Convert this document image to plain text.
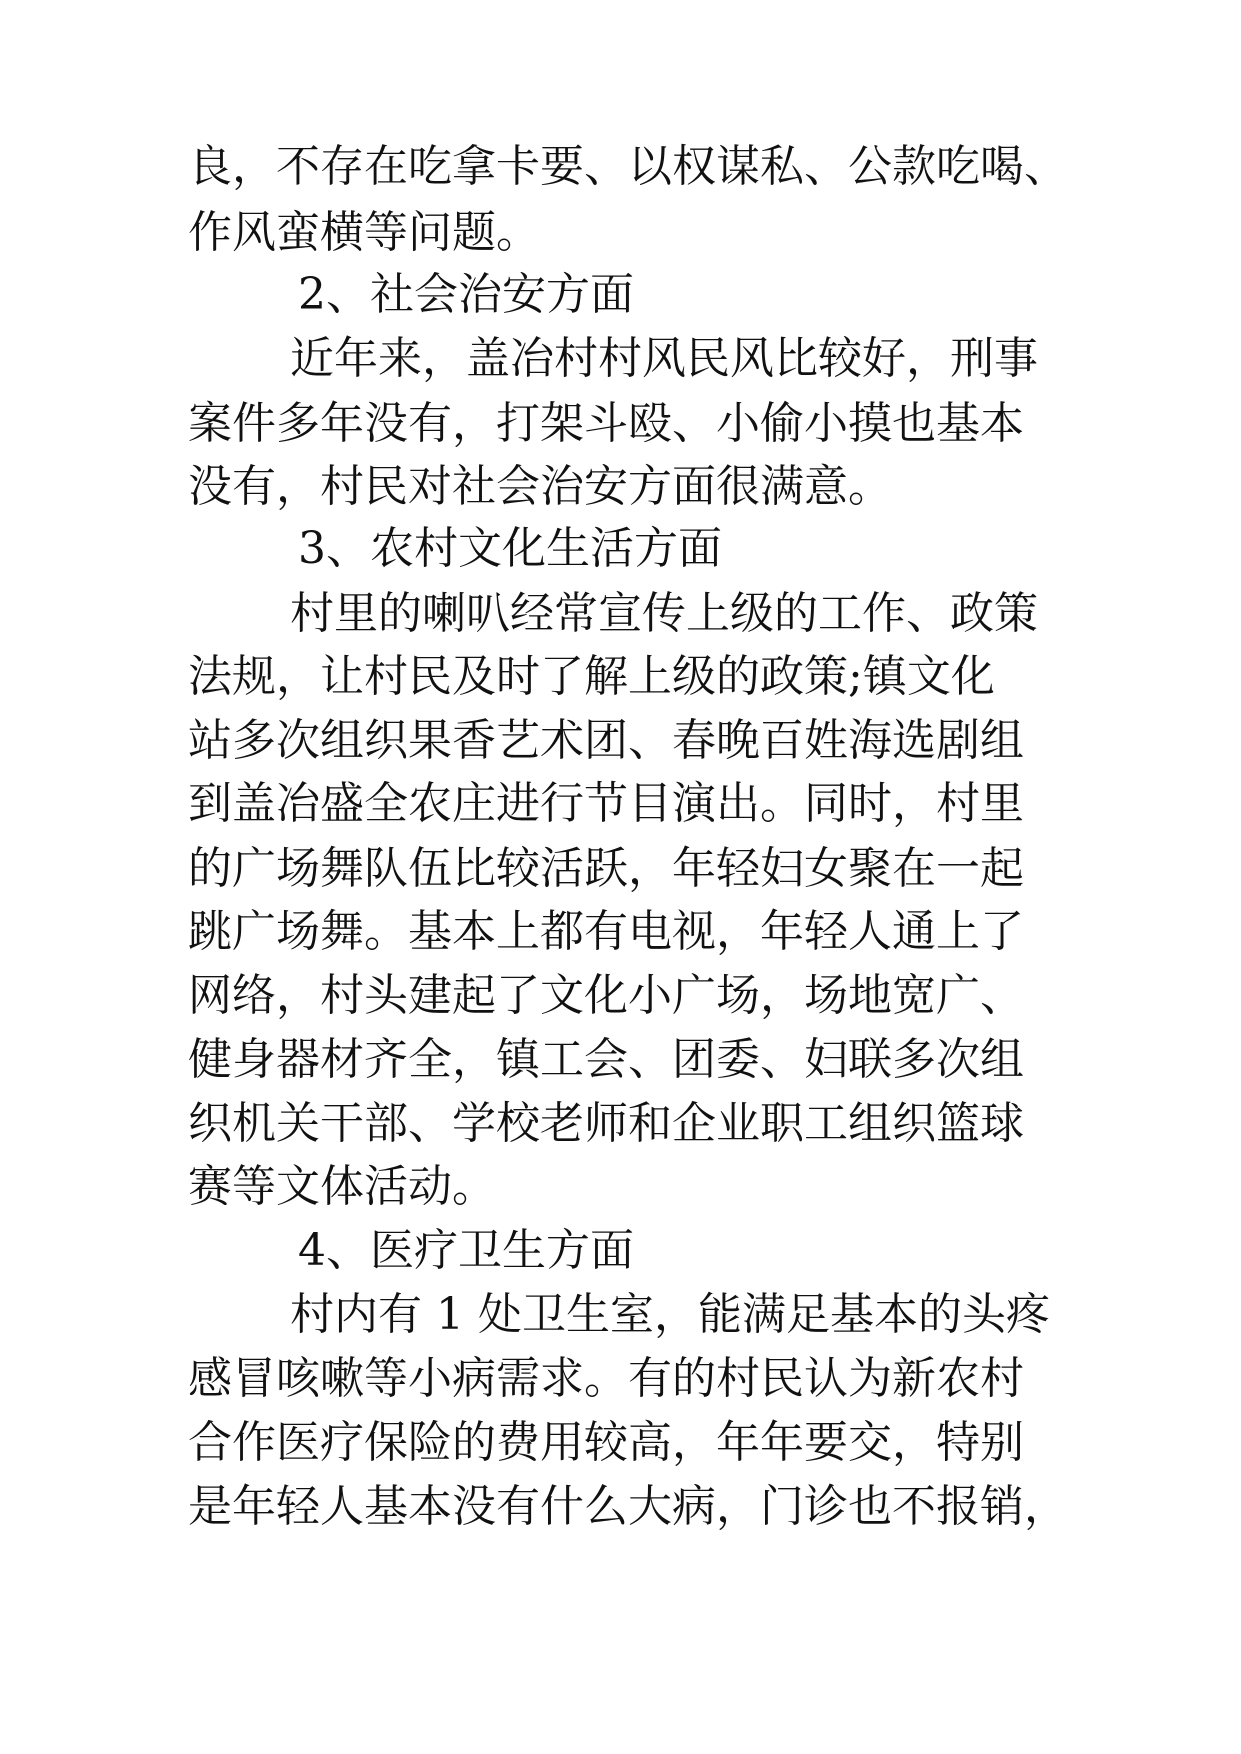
良，不存在吃拿卡要、以权谋私、公款吃喝、
作风蛮横等问题。
2、社会治安方面
近年来，盖冶村村风民风比较好，刑事
案件多年没有，打架斗殴、小偷小摸也基本
没有，村民对社会治安方面很满意。
3、农村文化生活方面
村里的喇叭经常宣传上级的工作、政策
法规，让村民及时了解上级的政策;镇文化
站多次组织果香艺术团、春晚百姓海选剧组
到盖冶盛全农庄进行节目演出。同时，村里
的广场舞队伍比较活跃，年轻妇女聚在一起
跳广场舞。基本上都有电视，年轻人通上了
网络，村头建起了文化小广场，场地宽广、
健身器材齐全，镇工会、团委、妇联多次组
织机关干部、学校老师和企业职工组织篮球
赛等文体活动。
4、医疗卫生方面
村内有 1 处卫生室，能满足基本的头疼
感冒咳嗽等小病需求。有的村民认为新农村
合作医疗保险的费用较高，年年要交，特别
是年轻人基本没有什么大病，门诊也不报销，
